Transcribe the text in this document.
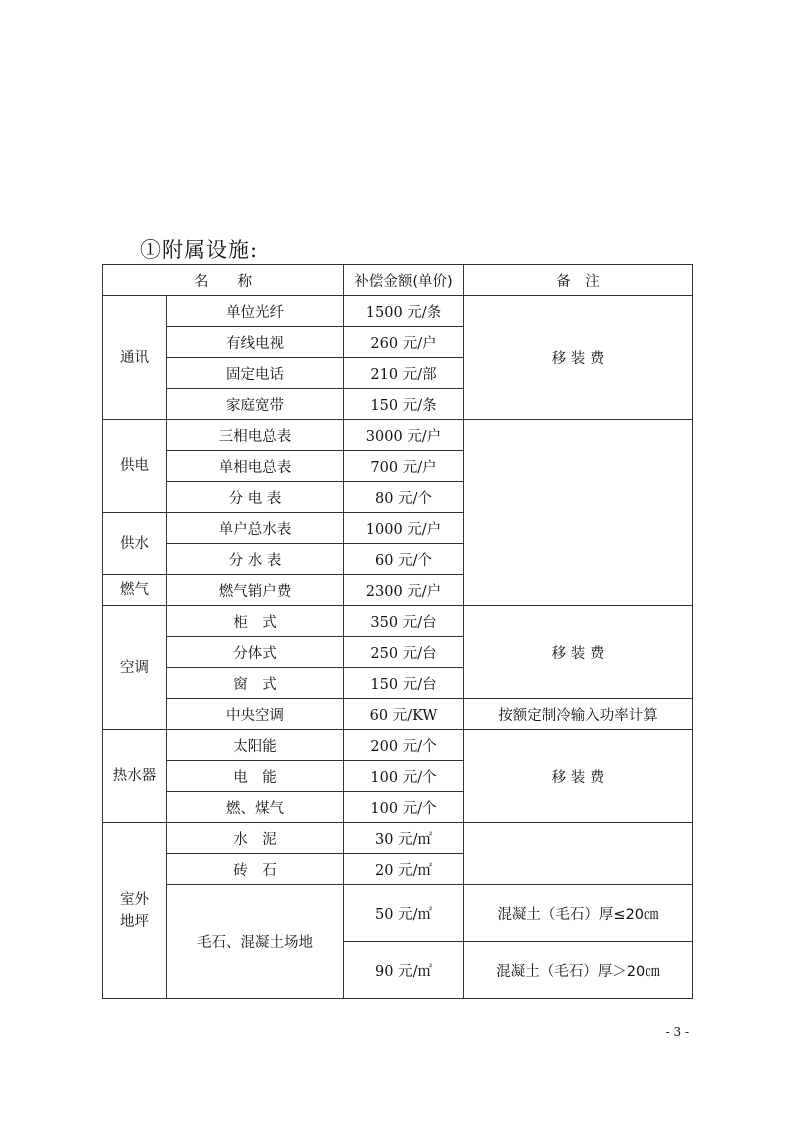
①附属设施:
名　　称		补偿金额(单价)	备　注
通讯	单位光纤	1500 元/条	移 装 费
	有线电视	260 元/户	
	固定电话	210 元/部	
	家庭宽带	150 元/条	
供电	三相电总表	3000 元/户	
	单相电总表	700 元/户	
	分 电 表	80 元/个	
供水	单户总水表	1000 元/户	
	分 水 表	60 元/个	
燃气	燃气销户费	2300 元/户	
空调	柜　式	350 元/台	移 装 费
	分体式	250 元/台	
	窗　式	150 元/台	
	中央空调	60 元/KW	按额定制冷输入功率计算
热水器	太阳能	200 元/个	移 装 费
	电　能	100 元/个	
	燃、煤气	100 元/个	
室外
地坪	水　泥	30 元/㎡	
	砖　石	20 元/㎡	
	毛石、混凝土场地	50 元/㎡	混凝土（毛石）厚≤20㎝
		90 元/㎡	混凝土（毛石）厚＞20㎝
- 3 -
